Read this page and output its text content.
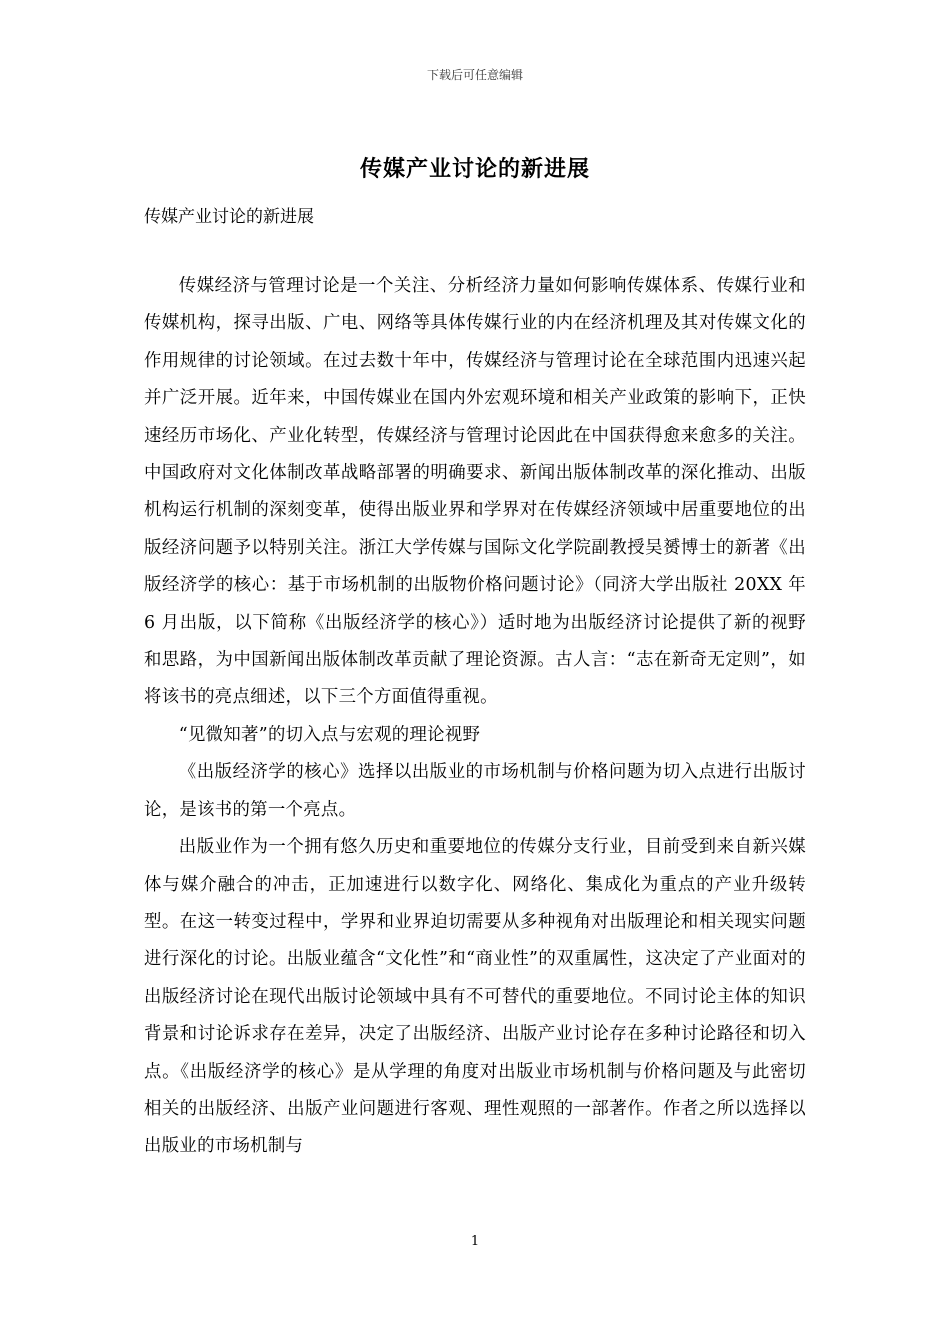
下载后可任意编辑
传媒产业讨论的新进展
传媒产业讨论的新进展

传媒经济与管理讨论是一个关注、分析经济力量如何影响传媒体系、传媒行业和传媒机构，探寻出版、广电、网络等具体传媒行业的内在经济机理及其对传媒文化的作用规律的讨论领域。在过去数十年中，传媒经济与管理讨论在全球范围内迅速兴起并广泛开展。近年来，中国传媒业在国内外宏观环境和相关产业政策的影响下，正快速经历市场化、产业化转型，传媒经济与管理讨论因此在中国获得愈来愈多的关注。中国政府对文化体制改革战略部署的明确要求、新闻出版体制改革的深化推动、出版机构运行机制的深刻变革，使得出版业界和学界对在传媒经济领域中居重要地位的出版经济问题予以特别关注。浙江大学传媒与国际文化学院副教授吴赟博士的新著《出版经济学的核心：基于市场机制的出版物价格问题讨论》（同济大学出版社 20XX 年 6 月出版，以下简称《出版经济学的核心》）适时地为出版经济讨论提供了新的视野和思路，为中国新闻出版体制改革贡献了理论资源。古人言：“志在新奇无定则”，如将该书的亮点细述，以下三个方面值得重视。

“见微知著”的切入点与宏观的理论视野

《出版经济学的核心》选择以出版业的市场机制与价格问题为切入点进行出版讨论，是该书的第一个亮点。

出版业作为一个拥有悠久历史和重要地位的传媒分支行业，目前受到来自新兴媒体与媒介融合的冲击，正加速进行以数字化、网络化、集成化为重点的产业升级转型。在这一转变过程中，学界和业界迫切需要从多种视角对出版理论和相关现实问题进行深化的讨论。出版业蕴含“文化性”和“商业性”的双重属性，这决定了产业面对的出版经济讨论在现代出版讨论领域中具有不可替代的重要地位。不同讨论主体的知识背景和讨论诉求存在差异，决定了出版经济、出版产业讨论存在多种讨论路径和切入点。《出版经济学的核心》是从学理的角度对出版业市场机制与价格问题及与此密切相关的出版经济、出版产业问题进行客观、理性观照的一部著作。作者之所以选择以出版业的市场机制与

1
